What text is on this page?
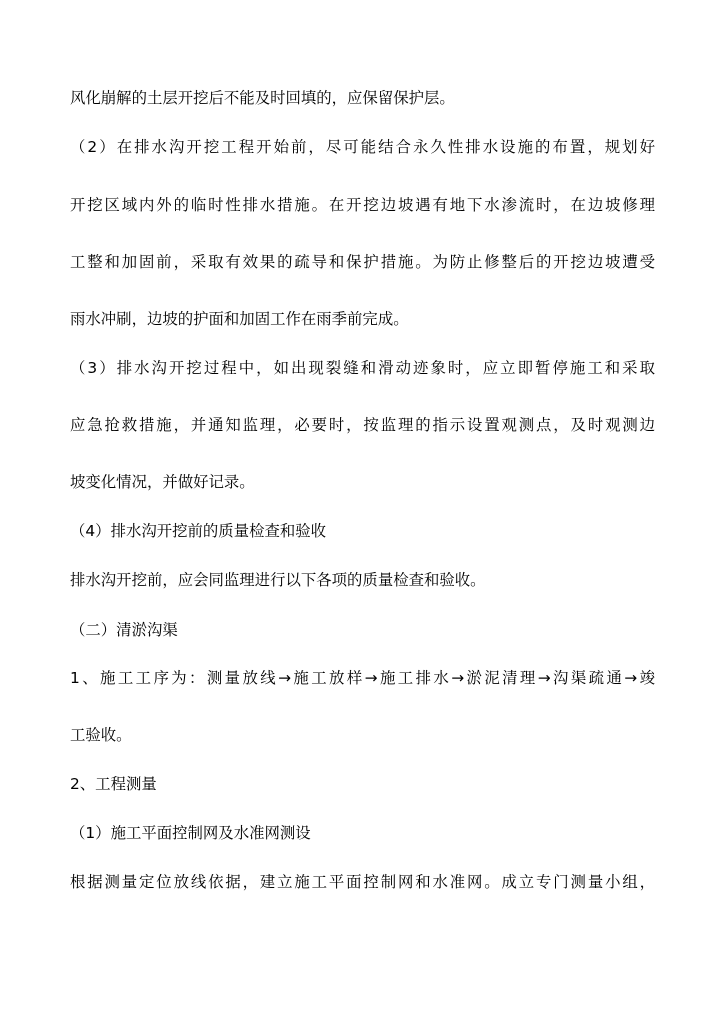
风化崩解的土层开挖后不能及时回填的，应保留保护层。
（2）在排水沟开挖工程开始前，尽可能结合永久性排水设施的布置，规划好
开挖区域内外的临时性排水措施。在开挖边坡遇有地下水渗流时，在边坡修理
工整和加固前，采取有效果的疏导和保护措施。为防止修整后的开挖边坡遭受
雨水冲刷，边坡的护面和加固工作在雨季前完成。
（3）排水沟开挖过程中，如出现裂缝和滑动迹象时，应立即暂停施工和采取
应急抢救措施，并通知监理，必要时，按监理的指示设置观测点，及时观测边
坡变化情况，并做好记录。
（4）排水沟开挖前的质量检查和验收
排水沟开挖前，应会同监理进行以下各项的质量检查和验收。
（二）清淤沟渠
1、施工工序为：测量放线→施工放样→施工排水→淤泥清理→沟渠疏通→竣
工验收。
2、工程测量
（1）施工平面控制网及水准网测设
根据测量定位放线依据，建立施工平面控制网和水准网。成立专门测量小组，
